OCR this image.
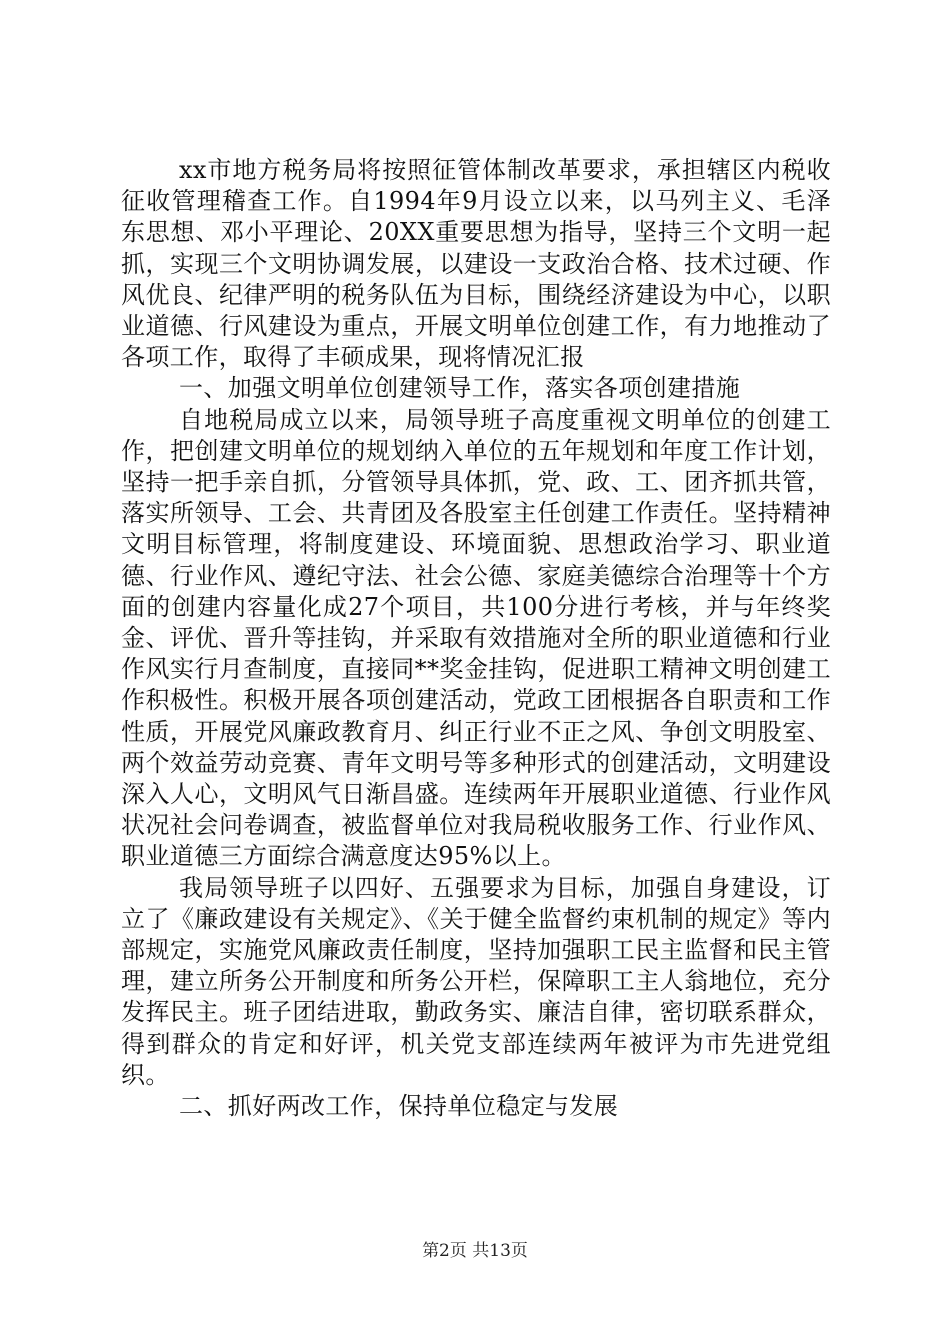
xx市地方税务局将按照征管体制改革要求，承担辖区内税收征收管理稽查工作。自1994年9月设立以来，以马列主义、毛泽东思想、邓小平理论、20XX重要思想为指导，坚持三个文明一起抓，实现三个文明协调发展，以建设一支政治合格、技术过硬、作风优良、纪律严明的税务队伍为目标，围绕经济建设为中心，以职业道德、行风建设为重点，开展文明单位创建工作，有力地推动了各项工作，取得了丰硕成果，现将情况汇报

一、加强文明单位创建领导工作，落实各项创建措施

自地税局成立以来，局领导班子高度重视文明单位的创建工作，把创建文明单位的规划纳入单位的五年规划和年度工作计划，坚持一把手亲自抓，分管领导具体抓，党、政、工、团齐抓共管，落实所领导、工会、共青团及各股室主任创建工作责任。坚持精神文明目标管理，将制度建设、环境面貌、思想政治学习、职业道德、行业作风、遵纪守法、社会公德、家庭美德综合治理等十个方面的创建内容量化成27个项目，共100分进行考核，并与年终奖金、评优、晋升等挂钩，并采取有效措施对全所的职业道德和行业作风实行月查制度，直接同**奖金挂钩，促进职工精神文明创建工作积极性。积极开展各项创建活动，党政工团根据各自职责和工作性质，开展党风廉政教育月、纠正行业不正之风、争创文明股室、两个效益劳动竞赛、青年文明号等多种形式的创建活动，文明建设深入人心，文明风气日渐昌盛。连续两年开展职业道德、行业作风状况社会问卷调查，被监督单位对我局税收服务工作、行业作风、职业道德三方面综合满意度达95%以上。

我局领导班子以四好、五强要求为目标，加强自身建设，订立了《廉政建设有关规定》、《关于健全监督约束机制的规定》等内部规定，实施党风廉政责任制度，坚持加强职工民主监督和民主管理，建立所务公开制度和所务公开栏，保障职工主人翁地位，充分发挥民主。班子团结进取，勤政务实、廉洁自律，密切联系群众，得到群众的肯定和好评，机关党支部连续两年被评为市先进党组织。

二、抓好两改工作，保持单位稳定与发展

第2页 共13页
